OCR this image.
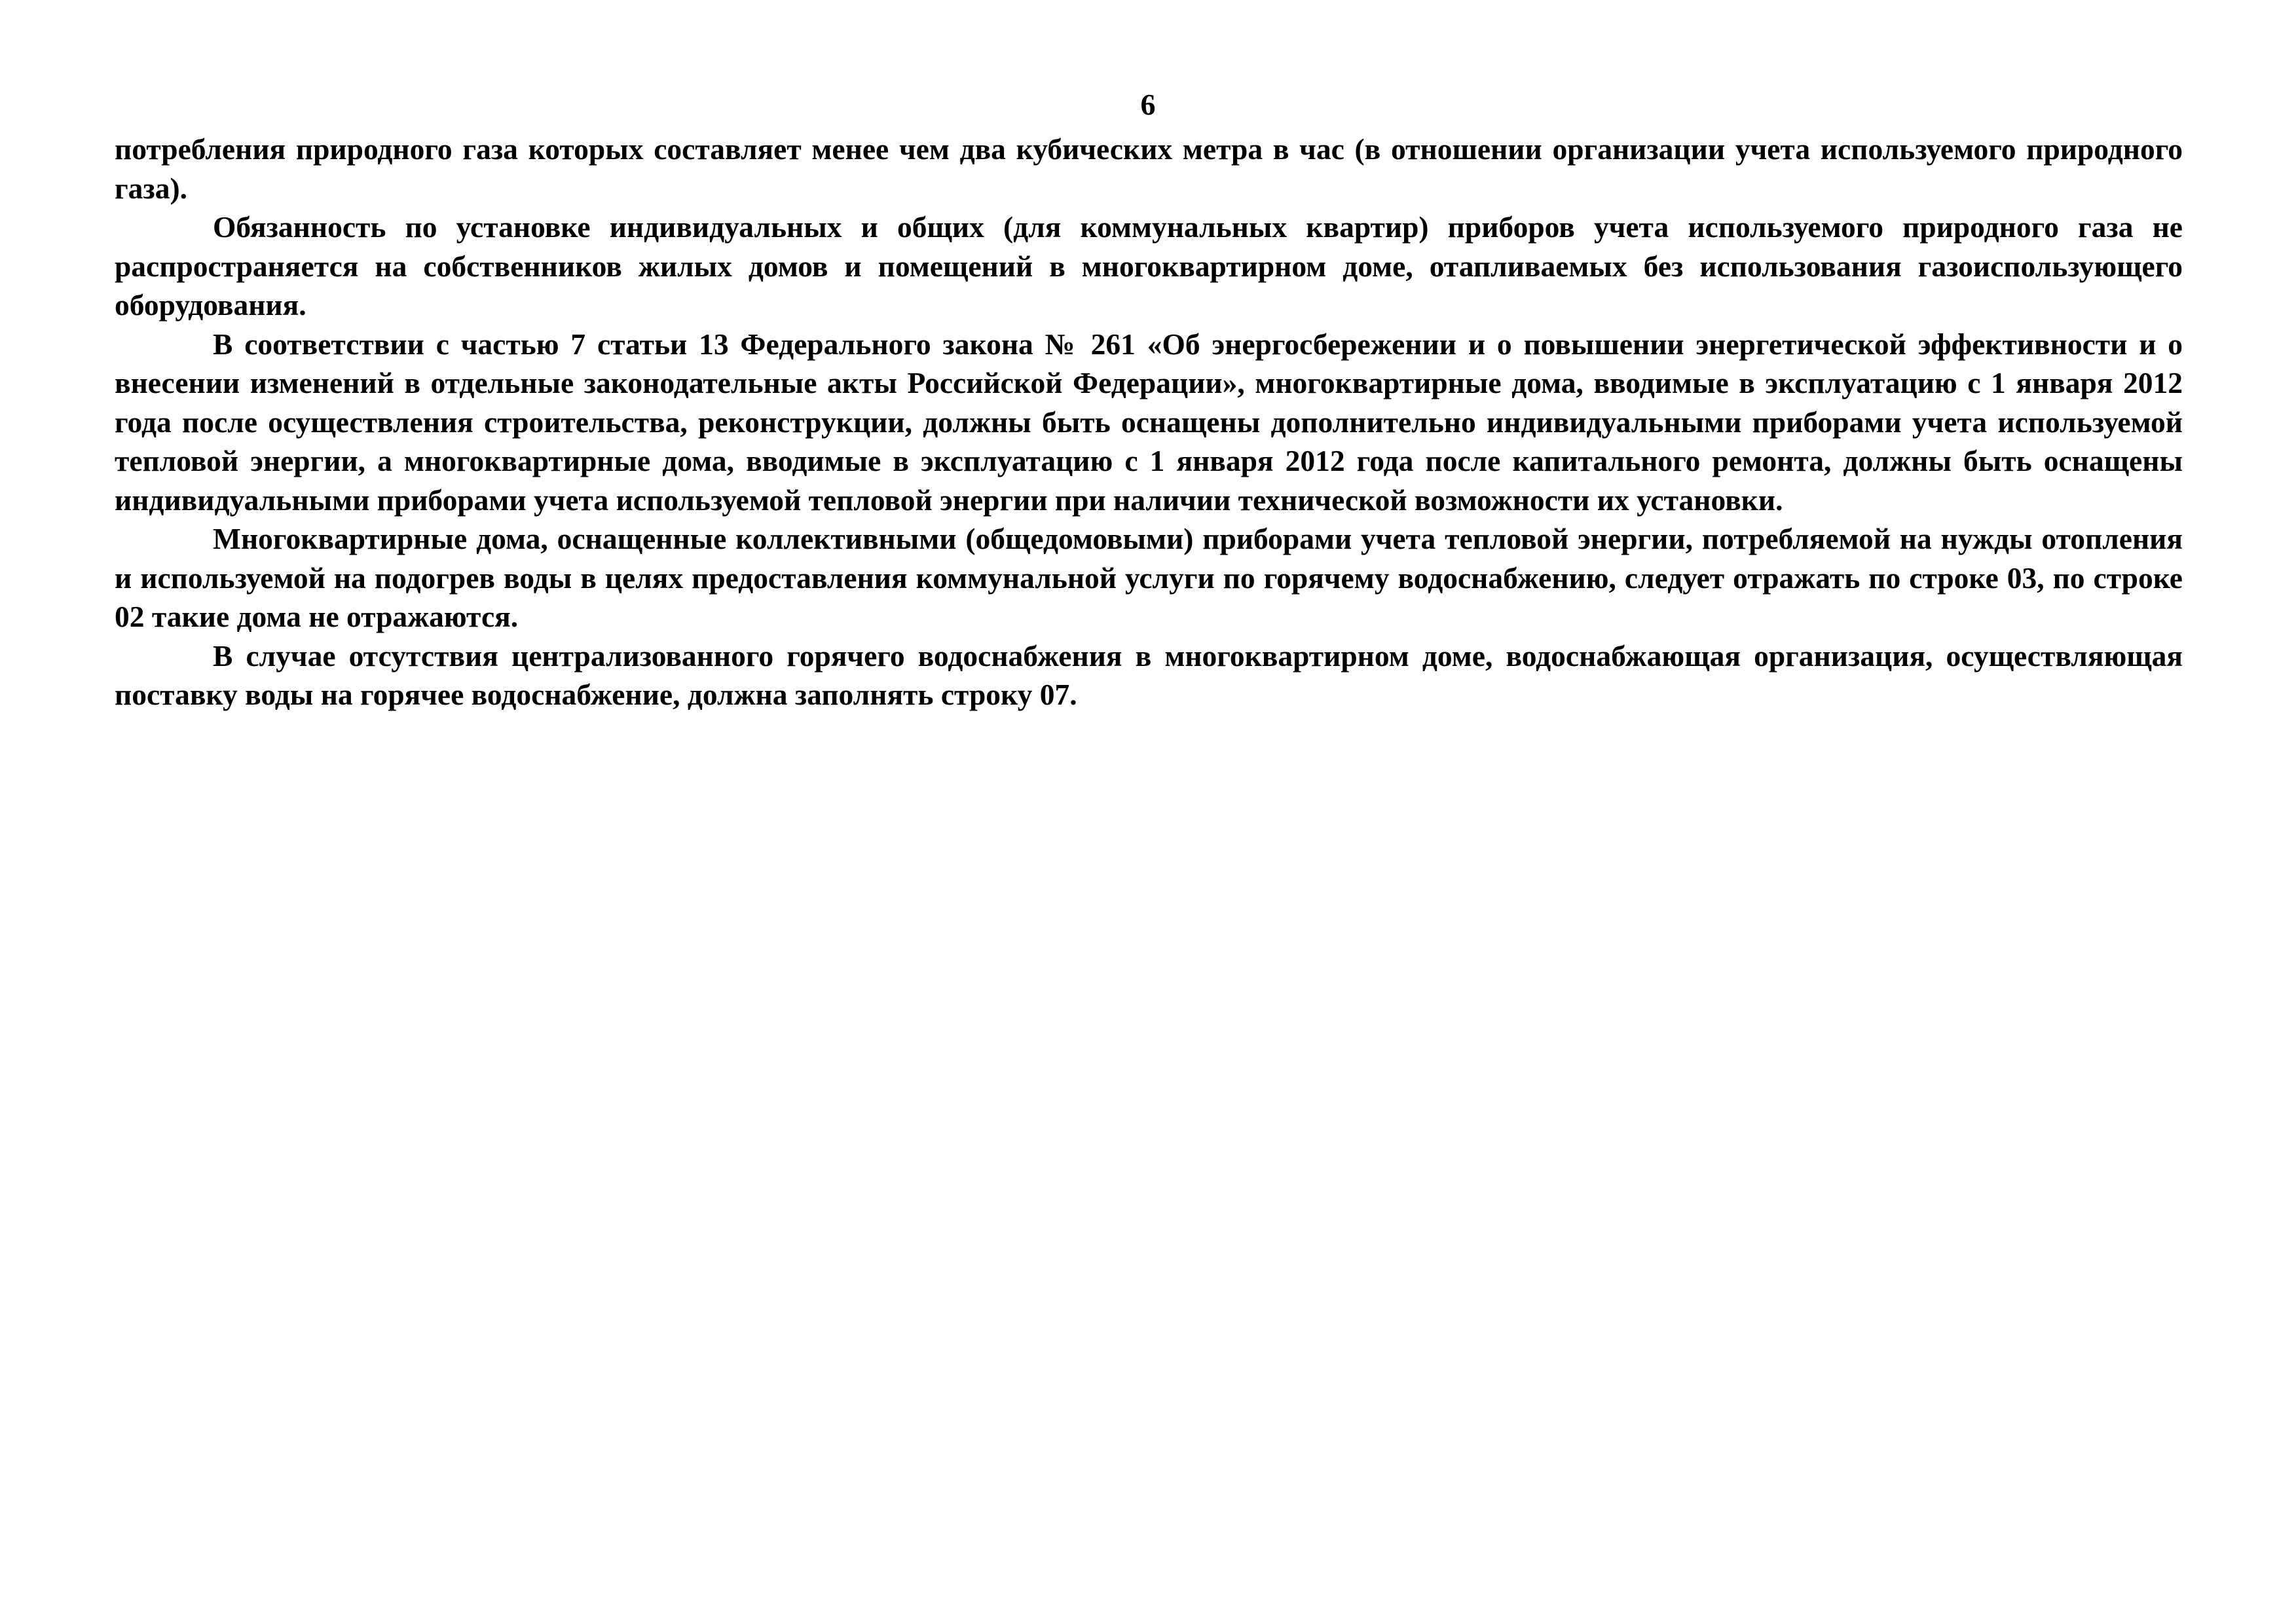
6

потребления природного газа которых составляет менее чем два кубических метра в час (в отношении организации учета используемого природного газа).

Обязанность по установке индивидуальных и общих (для коммунальных квартир) приборов учета используемого природного газа не распространяется на собственников жилых домов и помещений в многоквартирном доме, отапливаемых без использования газоиспользующего оборудования.

В соответствии с частью 7 статьи 13 Федерального закона № 261 «Об энергосбережении и о повышении энергетической эффективности и о внесении изменений в отдельные законодательные акты Российской Федерации», многоквартирные дома, вводимые в эксплуатацию с 1 января 2012 года после осуществления строительства, реконструкции, должны быть оснащены дополнительно индивидуальными приборами учета используемой тепловой энергии, а многоквартирные дома, вводимые в эксплуатацию с 1 января 2012 года после капитального ремонта, должны быть оснащены индивидуальными приборами учета используемой тепловой энергии при наличии технической возможности их установки.

Многоквартирные дома, оснащенные коллективными (общедомовыми) приборами учета тепловой энергии, потребляемой на нужды отопления и используемой на подогрев воды в целях предоставления коммунальной услуги по горячему водоснабжению, следует отражать по строке 03, по строке 02 такие дома не отражаются.

В случае отсутствия централизованного горячего водоснабжения в многоквартирном доме, водоснабжающая организация, осуществляющая поставку воды на горячее водоснабжение, должна заполнять строку 07.
